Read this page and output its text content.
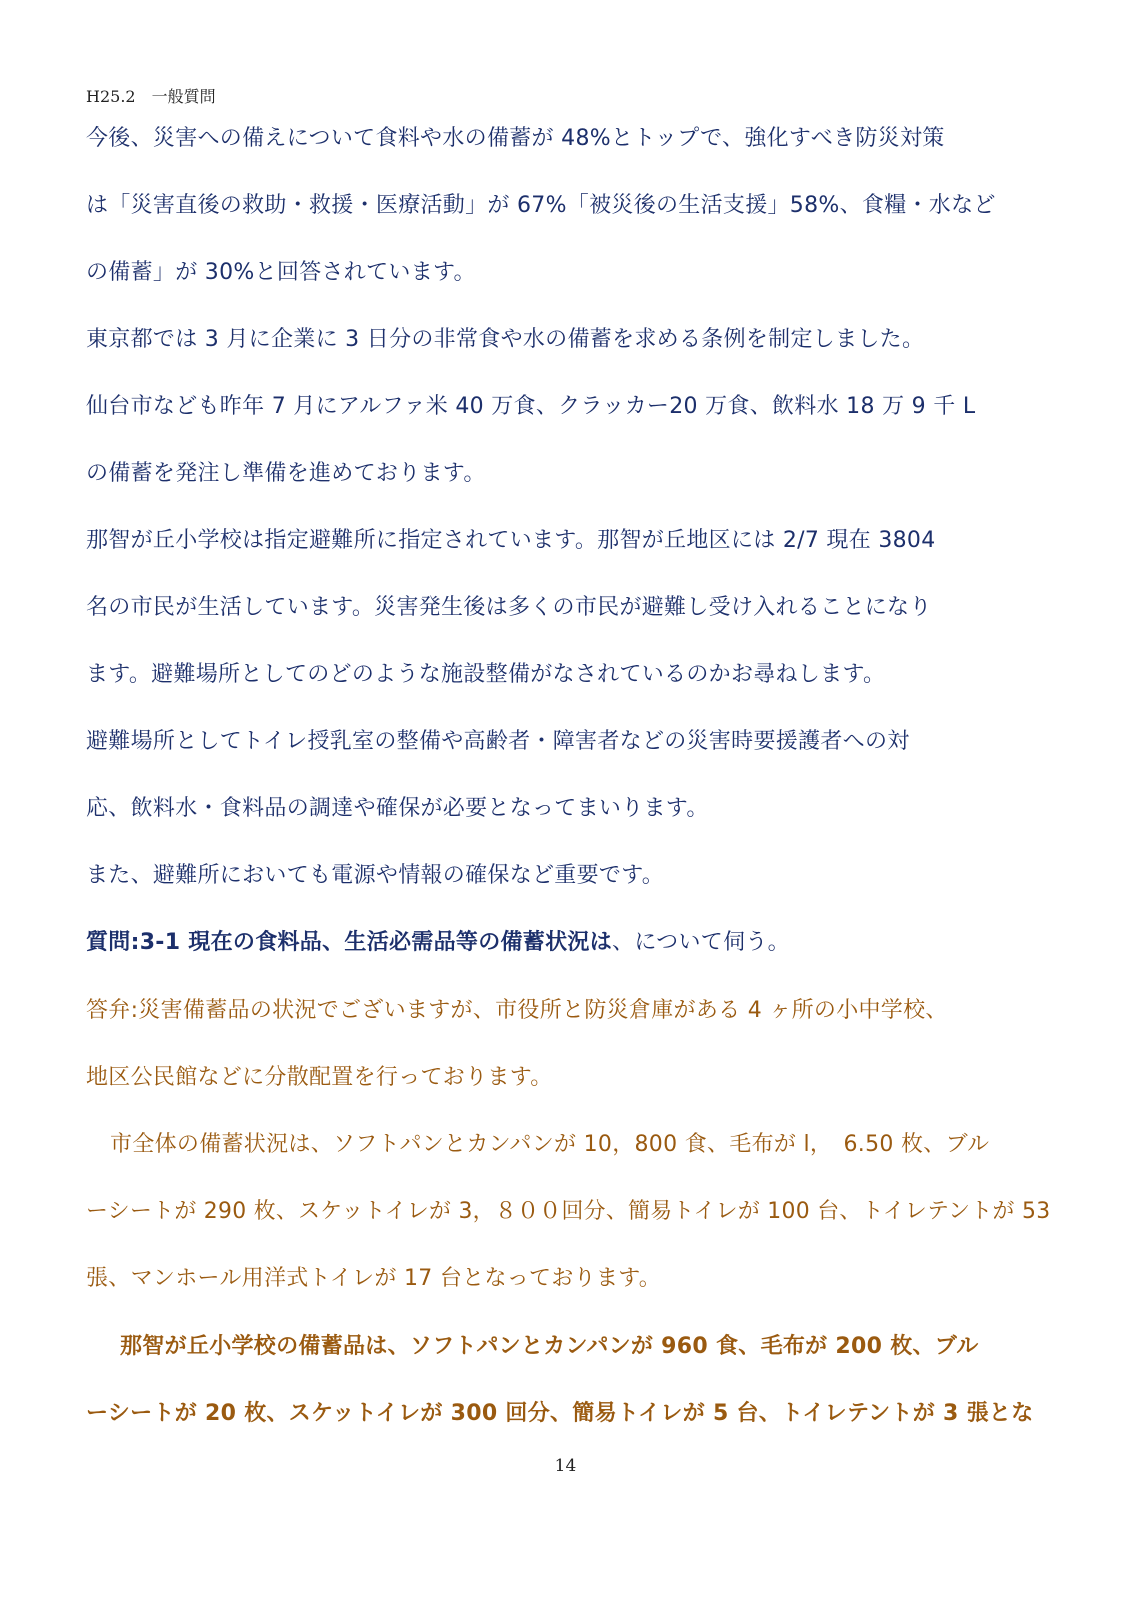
H25.2　一般質問
今後、災害への備えについて食料や水の備蓄が 48%とトップで、強化すべき防災対策
は「災害直後の救助・救援・医療活動」が 67%「被災後の生活支援」58%、食糧・水など
の備蓄」が 30%と回答されています。
東京都では 3 月に企業に 3 日分の非常食や水の備蓄を求める条例を制定しました。
仙台市なども昨年 7 月にアルファ米 40 万食、クラッカー20 万食、飲料水 18 万 9 千 L
の備蓄を発注し準備を進めております。
那智が丘小学校は指定避難所に指定されています。那智が丘地区には 2/7 現在 3804
名の市民が生活しています。災害発生後は多くの市民が避難し受け入れることになり
ます。避難場所としてのどのような施設整備がなされているのかお尋ねします。
避難場所としてトイレ授乳室の整備や高齢者・障害者などの災害時要援護者への対
応、飲料水・食料品の調達や確保が必要となってまいります。
また、避難所においても電源や情報の確保など重要です。
質問:3-1 現在の食料品、生活必需品等の備蓄状況は、について伺う。
答弁:災害備蓄品の状況でございますが、市役所と防災倉庫がある 4 ヶ所の小中学校、
地区公民館などに分散配置を行っております。
市全体の備蓄状況は、ソフトパンとカンパンが 10，800 食、毛布が l，　6.50 枚、ブル
ーシートが 290 枚、スケットイレが 3，８００回分、簡易トイレが 100 台、トイレテントが 53
張、マンホール用洋式トイレが 17 台となっております。
那智が丘小学校の備蓄品は、ソフトパンとカンパンが 960 食、毛布が 200 枚、ブル
ーシートが 20 枚、スケットイレが 300 回分、簡易トイレが 5 台、トイレテントが 3 張とな
14
